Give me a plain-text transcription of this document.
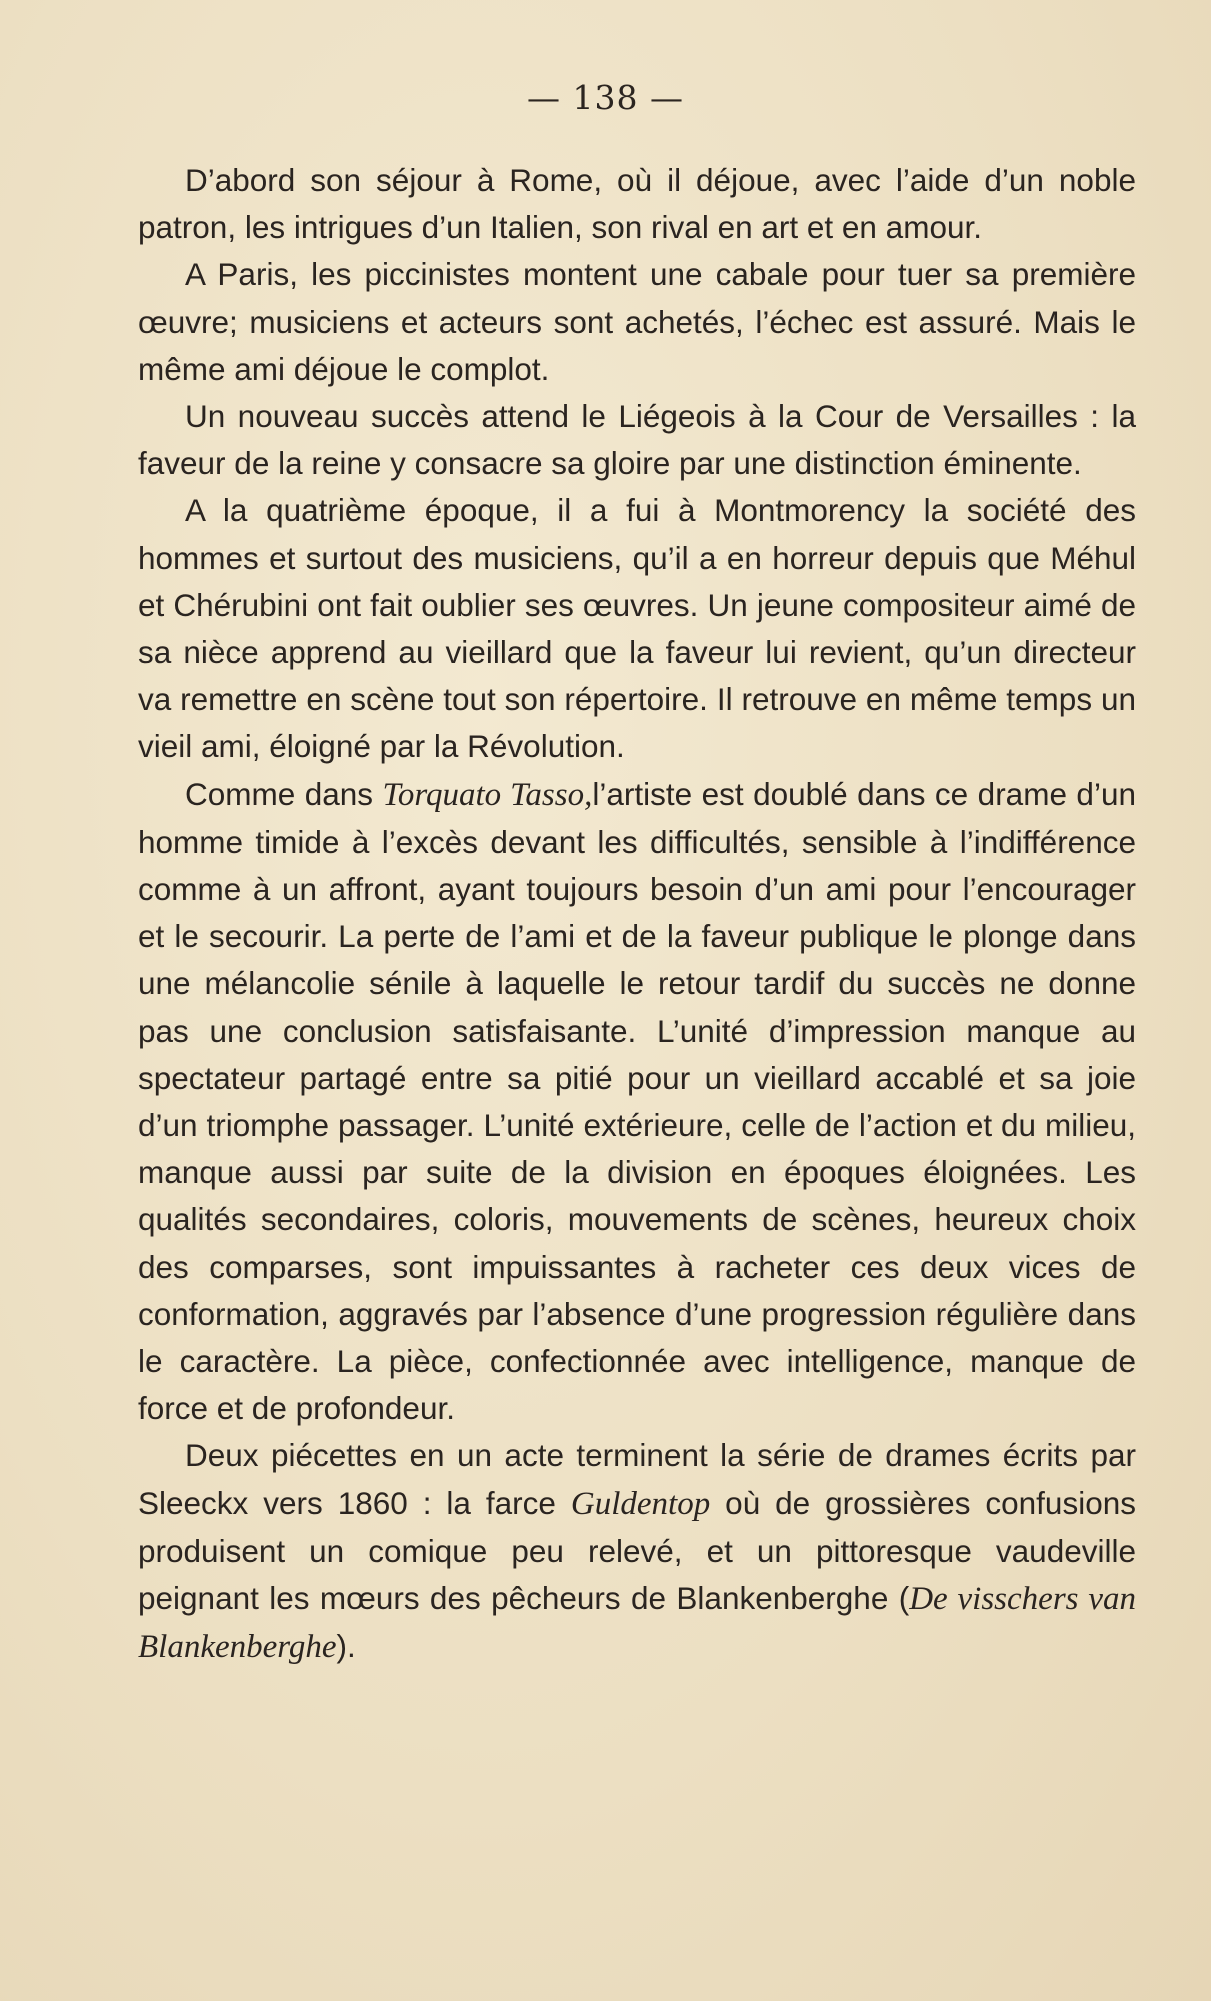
— 138 —

D’abord son séjour à Rome, où il déjoue, avec l’aide d’un noble patron, les intrigues d’un Italien, son rival en art et en amour.

A Paris, les piccinistes montent une cabale pour tuer sa première œuvre; musiciens et acteurs sont achetés, l’échec est assuré. Mais le même ami déjoue le complot.

Un nouveau succès attend le Liégeois à la Cour de Versailles : la faveur de la reine y consacre sa gloire par une distinction éminente.

A la quatrième époque, il a fui à Montmorency la société des hommes et surtout des musiciens, qu’il a en horreur depuis que Méhul et Chérubini ont fait oublier ses œuvres. Un jeune compositeur aimé de sa nièce apprend au vieillard que la faveur lui revient, qu’un directeur va remettre en scène tout son répertoire. Il retrouve en même temps un vieil ami, éloigné par la Révolution.

Comme dans Torquato Tasso,l’artiste est doublé dans ce drame d’un homme timide à l’excès devant les difficultés, sensible à l’indifférence comme à un affront, ayant toujours besoin d’un ami pour l’encourager et le secourir. La perte de l’ami et de la faveur publique le plonge dans une mélancolie sénile à laquelle le retour tardif du succès ne donne pas une conclusion satisfaisante. L’unité d’impression manque au spectateur partagé entre sa pitié pour un vieillard accablé et sa joie d’un triomphe passager. L’unité extérieure, celle de l’action et du milieu, manque aussi par suite de la division en époques éloignées. Les qualités secondaires, coloris, mouvements de scènes, heureux choix des comparses, sont impuissantes à racheter ces deux vices de conformation, aggravés par l’absence d’une progression régulière dans le caractère. La pièce, confectionnée avec intelligence, manque de force et de profondeur.

Deux piécettes en un acte terminent la série de drames écrits par Sleeckx vers 1860 : la farce Guldentop où de grossières confusions produisent un comique peu relevé, et un pittoresque vaudeville peignant les mœurs des pêcheurs de Blankenberghe (De visschers van Blankenberghe).
